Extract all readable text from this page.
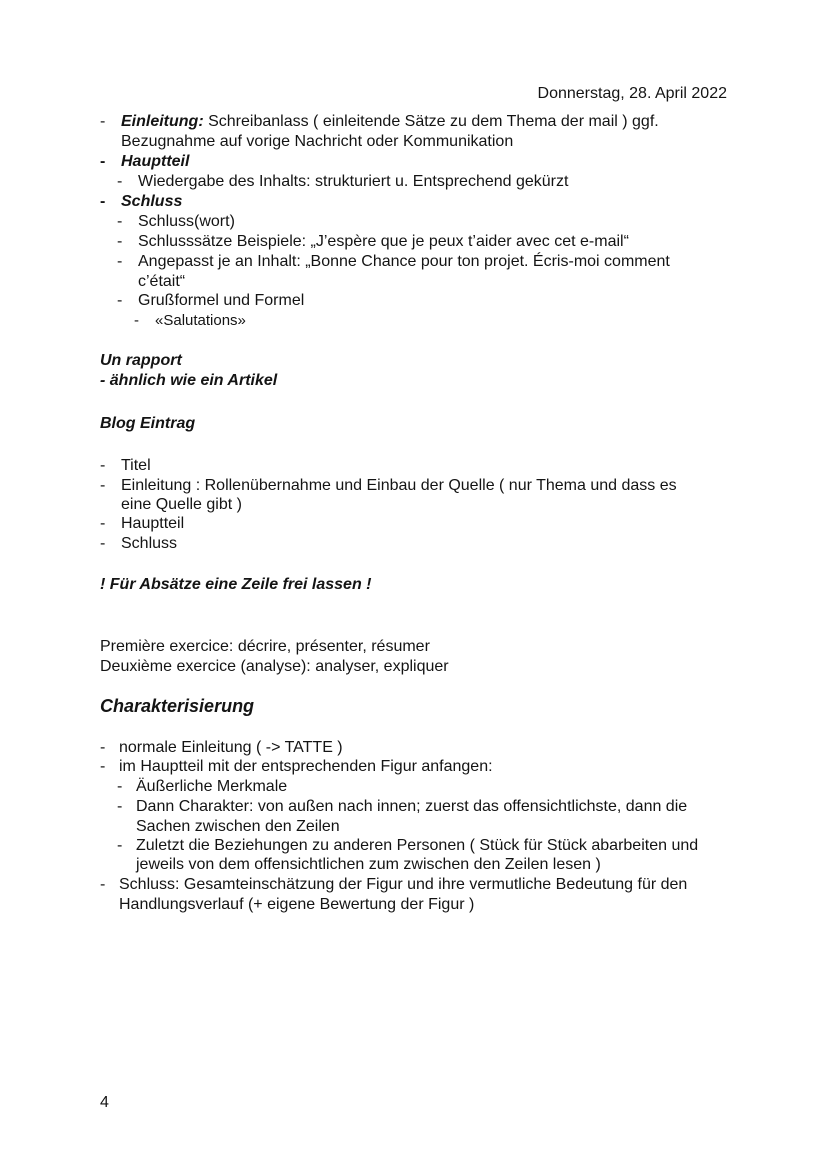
Donnerstag, 28. April 2022
- Einleitung: Schreibanlass ( einleitende Sätze zu dem Thema der mail ) ggf.
Bezugnahme auf vorige Nachricht oder Kommunikation
- Hauptteil
- Wiedergabe des Inhalts: strukturiert u. Entsprechend gekürzt
- Schluss
- Schluss(wort)
- Schlusssätze Beispiele: „J’espère que je peux t’aider avec cet e-mail“
- Angepasst je an Inhalt: „Bonne Chance pour ton projet. Écris-moi comment
c’était“
- Grußformel und Formel
- «Salutations»
Un rapport
- ähnlich wie ein Artikel
Blog Eintrag
- Titel
- Einleitung : Rollenübernahme und Einbau der Quelle ( nur Thema und dass es
eine Quelle gibt )
- Hauptteil
- Schluss
! Für Absätze eine Zeile frei lassen !
Première exercice: décrire, présenter, résumer
Deuxième exercice (analyse): analyser, expliquer
Charakterisierung
- normale Einleitung ( -> TATTE )
- im Hauptteil mit der entsprechenden Figur anfangen:
- Äußerliche Merkmale
- Dann Charakter: von außen nach innen; zuerst das offensichtlichste, dann die
Sachen zwischen den Zeilen
- Zuletzt die Beziehungen zu anderen Personen ( Stück für Stück abarbeiten und
jeweils von dem offensichtlichen zum zwischen den Zeilen lesen )
- Schluss: Gesamteinschätzung der Figur und ihre vermutliche Bedeutung für den
Handlungsverlauf (+ eigene Bewertung der Figur )
4
